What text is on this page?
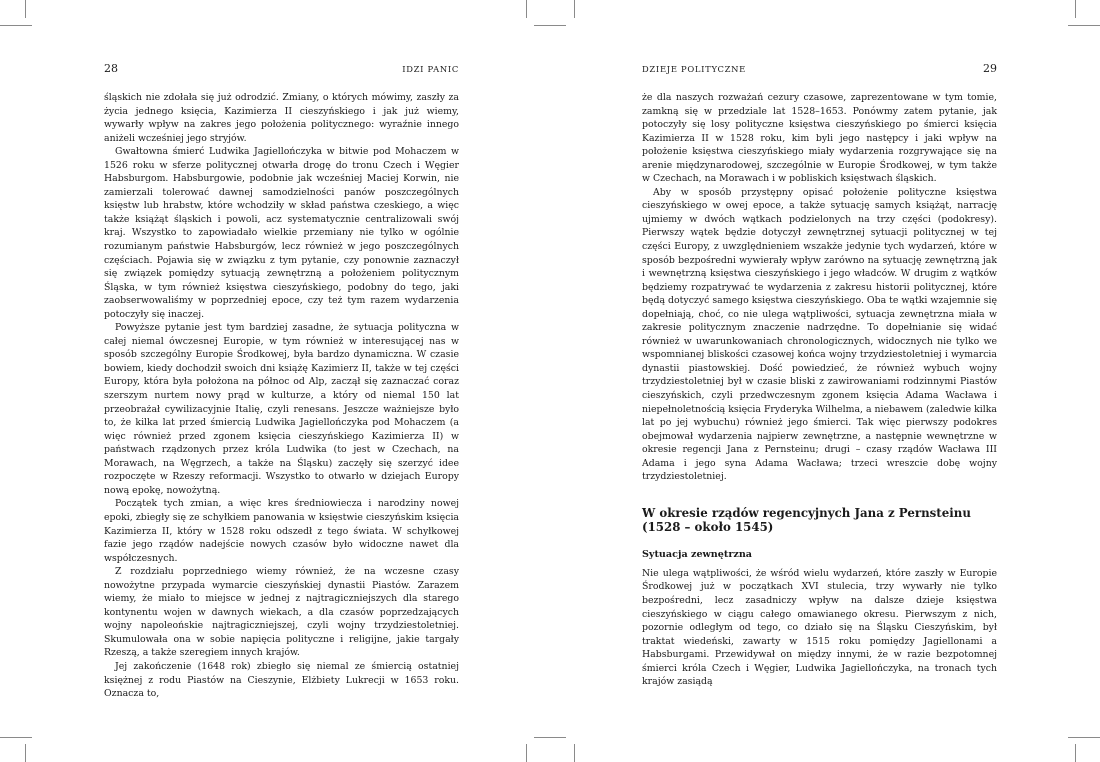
28	IDZI PANIC

śląskich nie zdołała się już odrodzić. Zmiany, o których mówimy, zaszły za życia jednego księcia, Kazimierza II cieszyńskiego i jak już wiemy, wywarły wpływ na zakres jego położenia politycznego: wyraźnie innego aniżeli wcześniej jego stryjów.

Gwałtowna śmierć Ludwika Jagiellończyka w bitwie pod Mohaczem w 1526 roku w sferze politycznej otwarła drogę do tronu Czech i Węgier Habsburgom. Habsburgowie, podobnie jak wcześniej Maciej Korwin, nie zamierzali tolerować dawnej samodzielności panów poszczególnych księstw lub hrabstw, które wchodziły w skład państwa czeskiego, a więc także książąt śląskich i powoli, acz systematycznie centralizowali swój kraj. Wszystko to zapowiadało wielkie przemiany nie tylko w ogólnie rozumianym państwie Habsburgów, lecz również w jego poszczególnych częściach. Pojawia się w związku z tym pytanie, czy ponownie zaznaczył się związek pomiędzy sytuacją zewnętrzną a położeniem politycznym Śląska, w tym również księstwa cieszyńskiego, podobny do tego, jaki zaobserwowaliśmy w poprzedniej epoce, czy też tym razem wydarzenia potoczyły się inaczej.

Powyższe pytanie jest tym bardziej zasadne, że sytuacja polityczna w całej niemal ówczesnej Europie, w tym również w interesującej nas w sposób szczególny Europie Środkowej, była bardzo dynamiczna. W czasie bowiem, kiedy dochodził swoich dni książę Kazimierz II, także w tej części Europy, która była położona na północ od Alp, zaczął się zaznaczać coraz szerszym nurtem nowy prąd w kulturze, a który od niemal 150 lat przeobrażał cywilizacyjnie Italię, czyli renesans. Jeszcze ważniejsze było to, że kilka lat przed śmiercią Ludwika Jagiellończyka pod Mohaczem (a więc również przed zgonem księcia cieszyńskiego Kazimierza II) w państwach rządzonych przez króla Ludwika (to jest w Czechach, na Morawach, na Węgrzech, a także na Śląsku) zaczęły się szerzyć idee rozpoczęte w Rzeszy reformacji. Wszystko to otwarło w dziejach Europy nową epokę, nowożytną.

Początek tych zmian, a więc kres średniowiecza i narodziny nowej epoki, zbiegły się ze schyłkiem panowania w księstwie cieszyńskim księcia Kazimierza II, który w 1528 roku odszedł z tego świata. W schyłkowej fazie jego rządów nadejście nowych czasów było widoczne nawet dla współczesnych.

Z rozdziału poprzedniego wiemy również, że na wczesne czasy nowożytne przypada wymarcie cieszyńskiej dynastii Piastów. Zarazem wiemy, że miało to miejsce w jednej z najtragiczniejszych dla starego kontynentu wojen w dawnych wiekach, a dla czasów poprzedzających wojny napoleońskie najtragiczniejszej, czyli wojny trzydziestoletniej. Skumulowała ona w sobie napięcia polityczne i religijne, jakie targały Rzeszą, a także szeregiem innych krajów.

Jej zakończenie (1648 rok) zbiegło się niemal ze śmiercią ostatniej księżnej z rodu Piastów na Cieszynie, Elżbiety Lukrecji w 1653 roku. Oznacza to,

DZIEJE POLITYCZNE	29

że dla naszych rozważań cezury czasowe, zaprezentowane w tym tomie, zamkną się w przedziale lat 1528–1653. Ponówmy zatem pytanie, jak potoczyły się losy polityczne księstwa cieszyńskiego po śmierci księcia Kazimierza II w 1528 roku, kim byli jego następcy i jaki wpływ na położenie księstwa cieszyńskiego miały wydarzenia rozgrywające się na arenie międzynarodowej, szczególnie w Europie Środkowej, w tym także w Czechach, na Morawach i w pobliskich księstwach śląskich.

Aby w sposób przystępny opisać położenie polityczne księstwa cieszyńskiego w owej epoce, a także sytuację samych książąt, narrację ujmiemy w dwóch wątkach podzielonych na trzy części (podokresy). Pierwszy wątek będzie dotyczył zewnętrznej sytuacji politycznej w tej części Europy, z uwzględnieniem wszakże jedynie tych wydarzeń, które w sposób bezpośredni wywierały wpływ zarówno na sytuację zewnętrzną jak i wewnętrzną księstwa cieszyńskiego i jego władców. W drugim z wątków będziemy rozpatrywać te wydarzenia z zakresu historii politycznej, które będą dotyczyć samego księstwa cieszyńskiego. Oba te wątki wzajemnie się dopełniają, choć, co nie ulega wątpliwości, sytuacja zewnętrzna miała w zakresie politycznym znaczenie nadrzędne. To dopełnianie się widać również w uwarunkowaniach chronologicznych, widocznych nie tylko we wspomnianej bliskości czasowej końca wojny trzydziestoletniej i wymarcia dynastii piastowskiej. Dość powiedzieć, że również wybuch wojny trzydziestoletniej był w czasie bliski z zawirowaniami rodzinnymi Piastów cieszyńskich, czyli przedwczesnym zgonem księcia Adama Wacława i niepełnoletnością księcia Fryderyka Wilhelma, a niebawem (zaledwie kilka lat po jej wybuchu) również jego śmierci. Tak więc pierwszy podokres obejmował wydarzenia najpierw zewnętrzne, a następnie wewnętrzne w okresie regencji Jana z Pernsteinu; drugi – czasy rządów Wacława III Adama i jego syna Adama Wacława; trzeci wreszcie dobę wojny trzydziestoletniej.

W okresie rządów regencyjnych Jana z Pernsteinu
(1528 – około 1545)
Sytuacja zewnętrzna

Nie ulega wątpliwości, że wśród wielu wydarzeń, które zaszły w Europie Środkowej już w początkach XVI stulecia, trzy wywarły nie tylko bezpośredni, lecz zasadniczy wpływ na dalsze dzieje księstwa cieszyńskiego w ciągu całego omawianego okresu. Pierwszym z nich, pozornie odległym od tego, co działo się na Śląsku Cieszyńskim, był traktat wiedeński, zawarty w 1515 roku pomiędzy Jagiellonami a Habsburgami. Przewidywał on między innymi, że w razie bezpotomnej śmierci króla Czech i Węgier, Ludwika Jagiellończyka, na tronach tych krajów zasiądą
